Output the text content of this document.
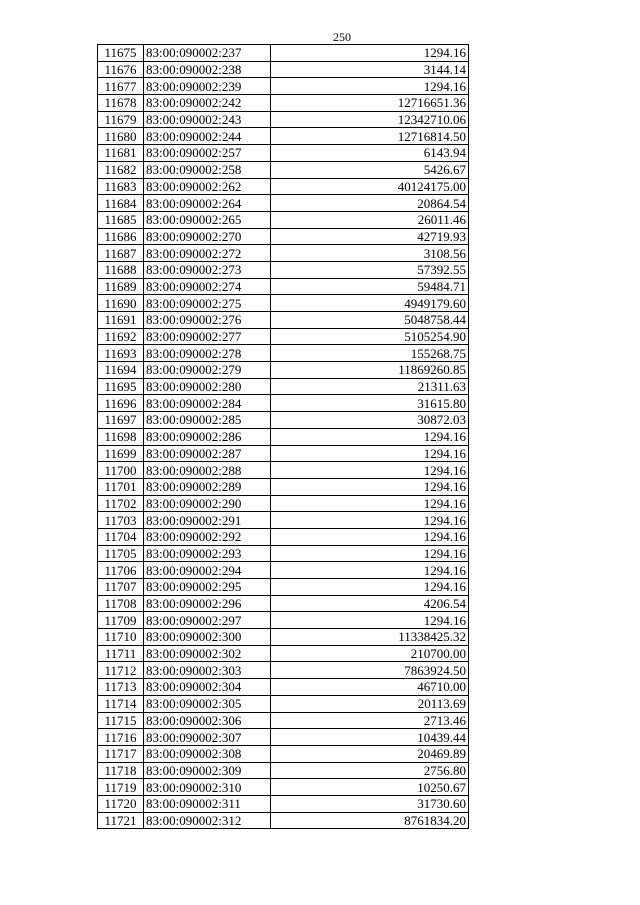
250
11675	83:00:090002:237	1294.16
11676	83:00:090002:238	3144.14
11677	83:00:090002:239	1294.16
11678	83:00:090002:242	12716651.36
11679	83:00:090002:243	12342710.06
11680	83:00:090002:244	12716814.50
11681	83:00:090002:257	6143.94
11682	83:00:090002:258	5426.67
11683	83:00:090002:262	40124175.00
11684	83:00:090002:264	20864.54
11685	83:00:090002:265	26011.46
11686	83:00:090002:270	42719.93
11687	83:00:090002:272	3108.56
11688	83:00:090002:273	57392.55
11689	83:00:090002:274	59484.71
11690	83:00:090002:275	4949179.60
11691	83:00:090002:276	5048758.44
11692	83:00:090002:277	5105254.90
11693	83:00:090002:278	155268.75
11694	83:00:090002:279	11869260.85
11695	83:00:090002:280	21311.63
11696	83:00:090002:284	31615.80
11697	83:00:090002:285	30872.03
11698	83:00:090002:286	1294.16
11699	83:00:090002:287	1294.16
11700	83:00:090002:288	1294.16
11701	83:00:090002:289	1294.16
11702	83:00:090002:290	1294.16
11703	83:00:090002:291	1294.16
11704	83:00:090002:292	1294.16
11705	83:00:090002:293	1294.16
11706	83:00:090002:294	1294.16
11707	83:00:090002:295	1294.16
11708	83:00:090002:296	4206.54
11709	83:00:090002:297	1294.16
11710	83:00:090002:300	11338425.32
11711	83:00:090002:302	210700.00
11712	83:00:090002:303	7863924.50
11713	83:00:090002:304	46710.00
11714	83:00:090002:305	20113.69
11715	83:00:090002:306	2713.46
11716	83:00:090002:307	10439.44
11717	83:00:090002:308	20469.89
11718	83:00:090002:309	2756.80
11719	83:00:090002:310	10250.67
11720	83:00:090002:311	31730.60
11721	83:00:090002:312	8761834.20
